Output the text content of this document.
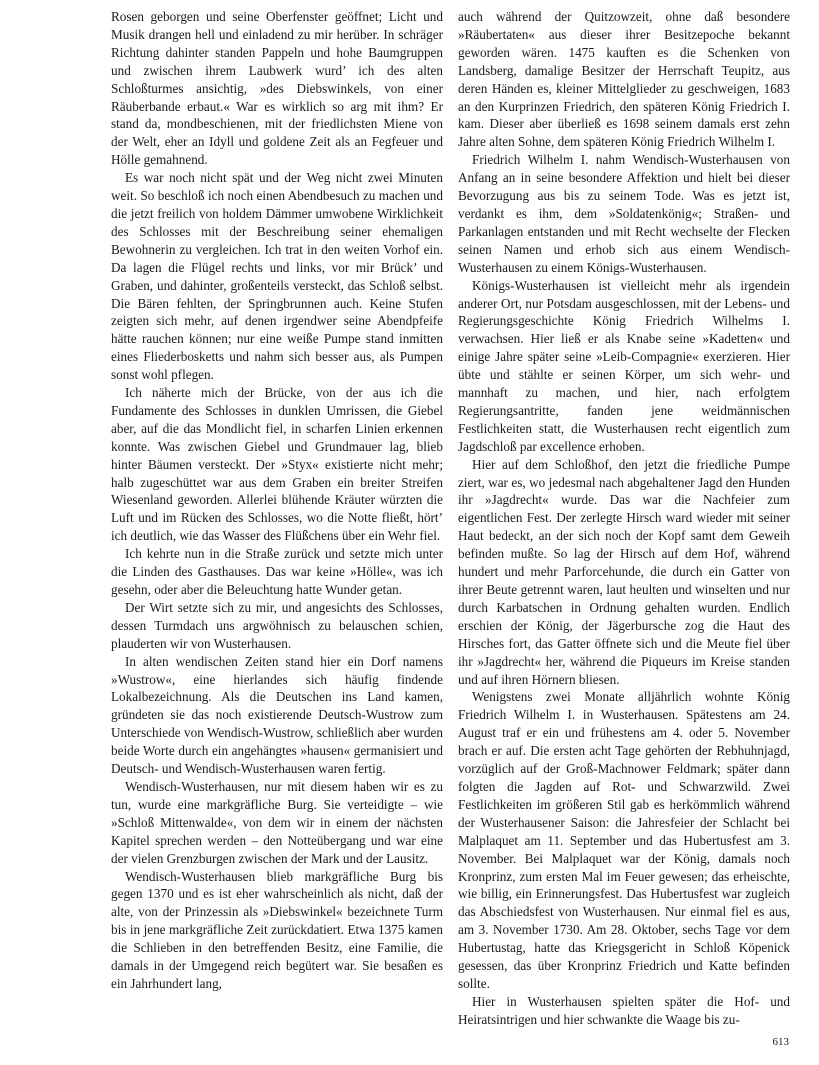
Rosen geborgen und seine Oberfenster geöffnet; Licht und Musik drangen hell und einladend zu mir herüber. In schräger Richtung dahinter standen Pappeln und hohe Baumgruppen und zwischen ihrem Laubwerk wurd’ ich des alten Schloßturmes ansichtig, »des Diebswinkels, von einer Räuberbande erbaut.« War es wirklich so arg mit ihm? Er stand da, mondbeschienen, mit der friedlichsten Miene von der Welt, eher an Idyll und goldene Zeit als an Fegfeuer und Hölle gemahnend.

Es war noch nicht spät und der Weg nicht zwei Minuten weit. So beschloß ich noch einen Abendbesuch zu machen und die jetzt freilich von holdem Dämmer umwobene Wirklichkeit des Schlosses mit der Beschreibung seiner ehemaligen Bewohnerin zu vergleichen. Ich trat in den weiten Vorhof ein. Da lagen die Flügel rechts und links, vor mir Brück’ und Graben, und dahinter, großenteils versteckt, das Schloß selbst. Die Bären fehlten, der Springbrunnen auch. Keine Stufen zeigten sich mehr, auf denen irgendwer seine Abendpfeife hätte rauchen können; nur eine weiße Pumpe stand inmitten eines Fliederbosketts und nahm sich besser aus, als Pumpen sonst wohl pflegen.

Ich näherte mich der Brücke, von der aus ich die Fundamente des Schlosses in dunklen Umrissen, die Giebel aber, auf die das Mondlicht fiel, in scharfen Linien erkennen konnte. Was zwischen Giebel und Grundmauer lag, blieb hinter Bäumen versteckt. Der »Styx« existierte nicht mehr; halb zugeschüttet war aus dem Graben ein breiter Streifen Wiesenland geworden. Allerlei blühende Kräuter würzten die Luft und im Rücken des Schlosses, wo die Notte fließt, hört’ ich deutlich, wie das Wasser des Flüßchens über ein Wehr fiel.

Ich kehrte nun in die Straße zurück und setzte mich unter die Linden des Gasthauses. Das war keine »Hölle«, was ich gesehn, oder aber die Beleuchtung hatte Wunder getan.

Der Wirt setzte sich zu mir, und angesichts des Schlosses, dessen Turmdach uns argwöhnisch zu belauschen schien, plauderten wir von Wusterhausen.

In alten wendischen Zeiten stand hier ein Dorf namens »Wustrow«, eine hierlandes sich häufig findende Lokalbezeichnung. Als die Deutschen ins Land kamen, gründeten sie das noch existierende Deutsch-Wustrow zum Unterschiede von Wendisch-Wustrow, schließlich aber wurden beide Worte durch ein angehängtes »hausen« germanisiert und Deutsch- und Wendisch-Wusterhausen waren fertig.

Wendisch-Wusterhausen, nur mit diesem haben wir es zu tun, wurde eine markgräfliche Burg. Sie verteidigte – wie »Schloß Mittenwalde«, von dem wir in einem der nächsten Kapitel sprechen werden – den Notteübergang und war eine der vielen Grenzburgen zwischen der Mark und der Lausitz.

Wendisch-Wusterhausen blieb markgräfliche Burg bis gegen 1370 und es ist eher wahrscheinlich als nicht, daß der alte, von der Prinzessin als »Diebswinkel« bezeichnete Turm bis in jene markgräfliche Zeit zurückdatiert. Etwa 1375 kamen die Schlieben in den betreffenden Besitz, eine Familie, die damals in der Umgegend reich begütert war. Sie besaßen es ein Jahrhundert lang,

auch während der Quitzowzeit, ohne daß besondere »Räubertaten« aus dieser ihrer Besitzepoche bekannt geworden wären. 1475 kauften es die Schenken von Landsberg, damalige Besitzer der Herrschaft Teupitz, aus deren Händen es, kleiner Mittelglieder zu geschweigen, 1683 an den Kurprinzen Friedrich, den späteren König Friedrich I. kam. Dieser aber überließ es 1698 seinem damals erst zehn Jahre alten Sohne, dem späteren König Friedrich Wilhelm I.

Friedrich Wilhelm I. nahm Wendisch-Wusterhausen von Anfang an in seine besondere Affektion und hielt bei dieser Bevorzugung aus bis zu seinem Tode. Was es jetzt ist, verdankt es ihm, dem »Soldatenkönig«; Straßen- und Parkanlagen entstanden und mit Recht wechselte der Flecken seinen Namen und erhob sich aus einem Wendisch-Wusterhausen zu einem Königs-Wusterhausen.

Königs-Wusterhausen ist vielleicht mehr als irgendein anderer Ort, nur Potsdam ausgeschlossen, mit der Lebens- und Regierungsgeschichte König Friedrich Wilhelms I. verwachsen. Hier ließ er als Knabe seine »Kadetten« und einige Jahre später seine »Leib-Compagnie« exerzieren. Hier übte und stählte er seinen Körper, um sich wehr- und mannhaft zu machen, und hier, nach erfolgtem Regierungsantritte, fanden jene weidmännischen Festlichkeiten statt, die Wusterhausen recht eigentlich zum Jagdschloß par excellence erhoben.

Hier auf dem Schloßhof, den jetzt die friedliche Pumpe ziert, war es, wo jedesmal nach abgehaltener Jagd den Hunden ihr »Jagdrecht« wurde. Das war die Nachfeier zum eigentlichen Fest. Der zerlegte Hirsch ward wieder mit seiner Haut bedeckt, an der sich noch der Kopf samt dem Geweih befinden mußte. So lag der Hirsch auf dem Hof, während hundert und mehr Parforcehunde, die durch ein Gatter von ihrer Beute getrennt waren, laut heulten und winselten und nur durch Karbatschen in Ordnung gehalten wurden. Endlich erschien der König, der Jägerbursche zog die Haut des Hirsches fort, das Gatter öffnete sich und die Meute fiel über ihr »Jagdrecht« her, während die Piqueurs im Kreise standen und auf ihren Hörnern bliesen.

Wenigstens zwei Monate alljährlich wohnte König Friedrich Wilhelm I. in Wusterhausen. Spätestens am 24. August traf er ein und frühestens am 4. oder 5. November brach er auf. Die ersten acht Tage gehörten der Rebhuhnjagd, vorzüglich auf der Groß-Machnower Feldmark; später dann folgten die Jagden auf Rot- und Schwarzwild. Zwei Festlichkeiten im größeren Stil gab es herkömmlich während der Wusterhausener Saison: die Jahresfeier der Schlacht bei Malplaquet am 11. September und das Hubertusfest am 3. November. Bei Malplaquet war der König, damals noch Kronprinz, zum ersten Mal im Feuer gewesen; das erheischte, wie billig, ein Erinnerungsfest. Das Hubertusfest war zugleich das Abschiedsfest von Wusterhausen. Nur einmal fiel es aus, am 3. November 1730. Am 28. Oktober, sechs Tage vor dem Hubertustag, hatte das Kriegsgericht in Schloß Köpenick gesessen, das über Kronprinz Friedrich und Katte befinden sollte.

Hier in Wusterhausen spielten später die Hof- und Heiratsintrigen und hier schwankte die Waage bis zu-

613
